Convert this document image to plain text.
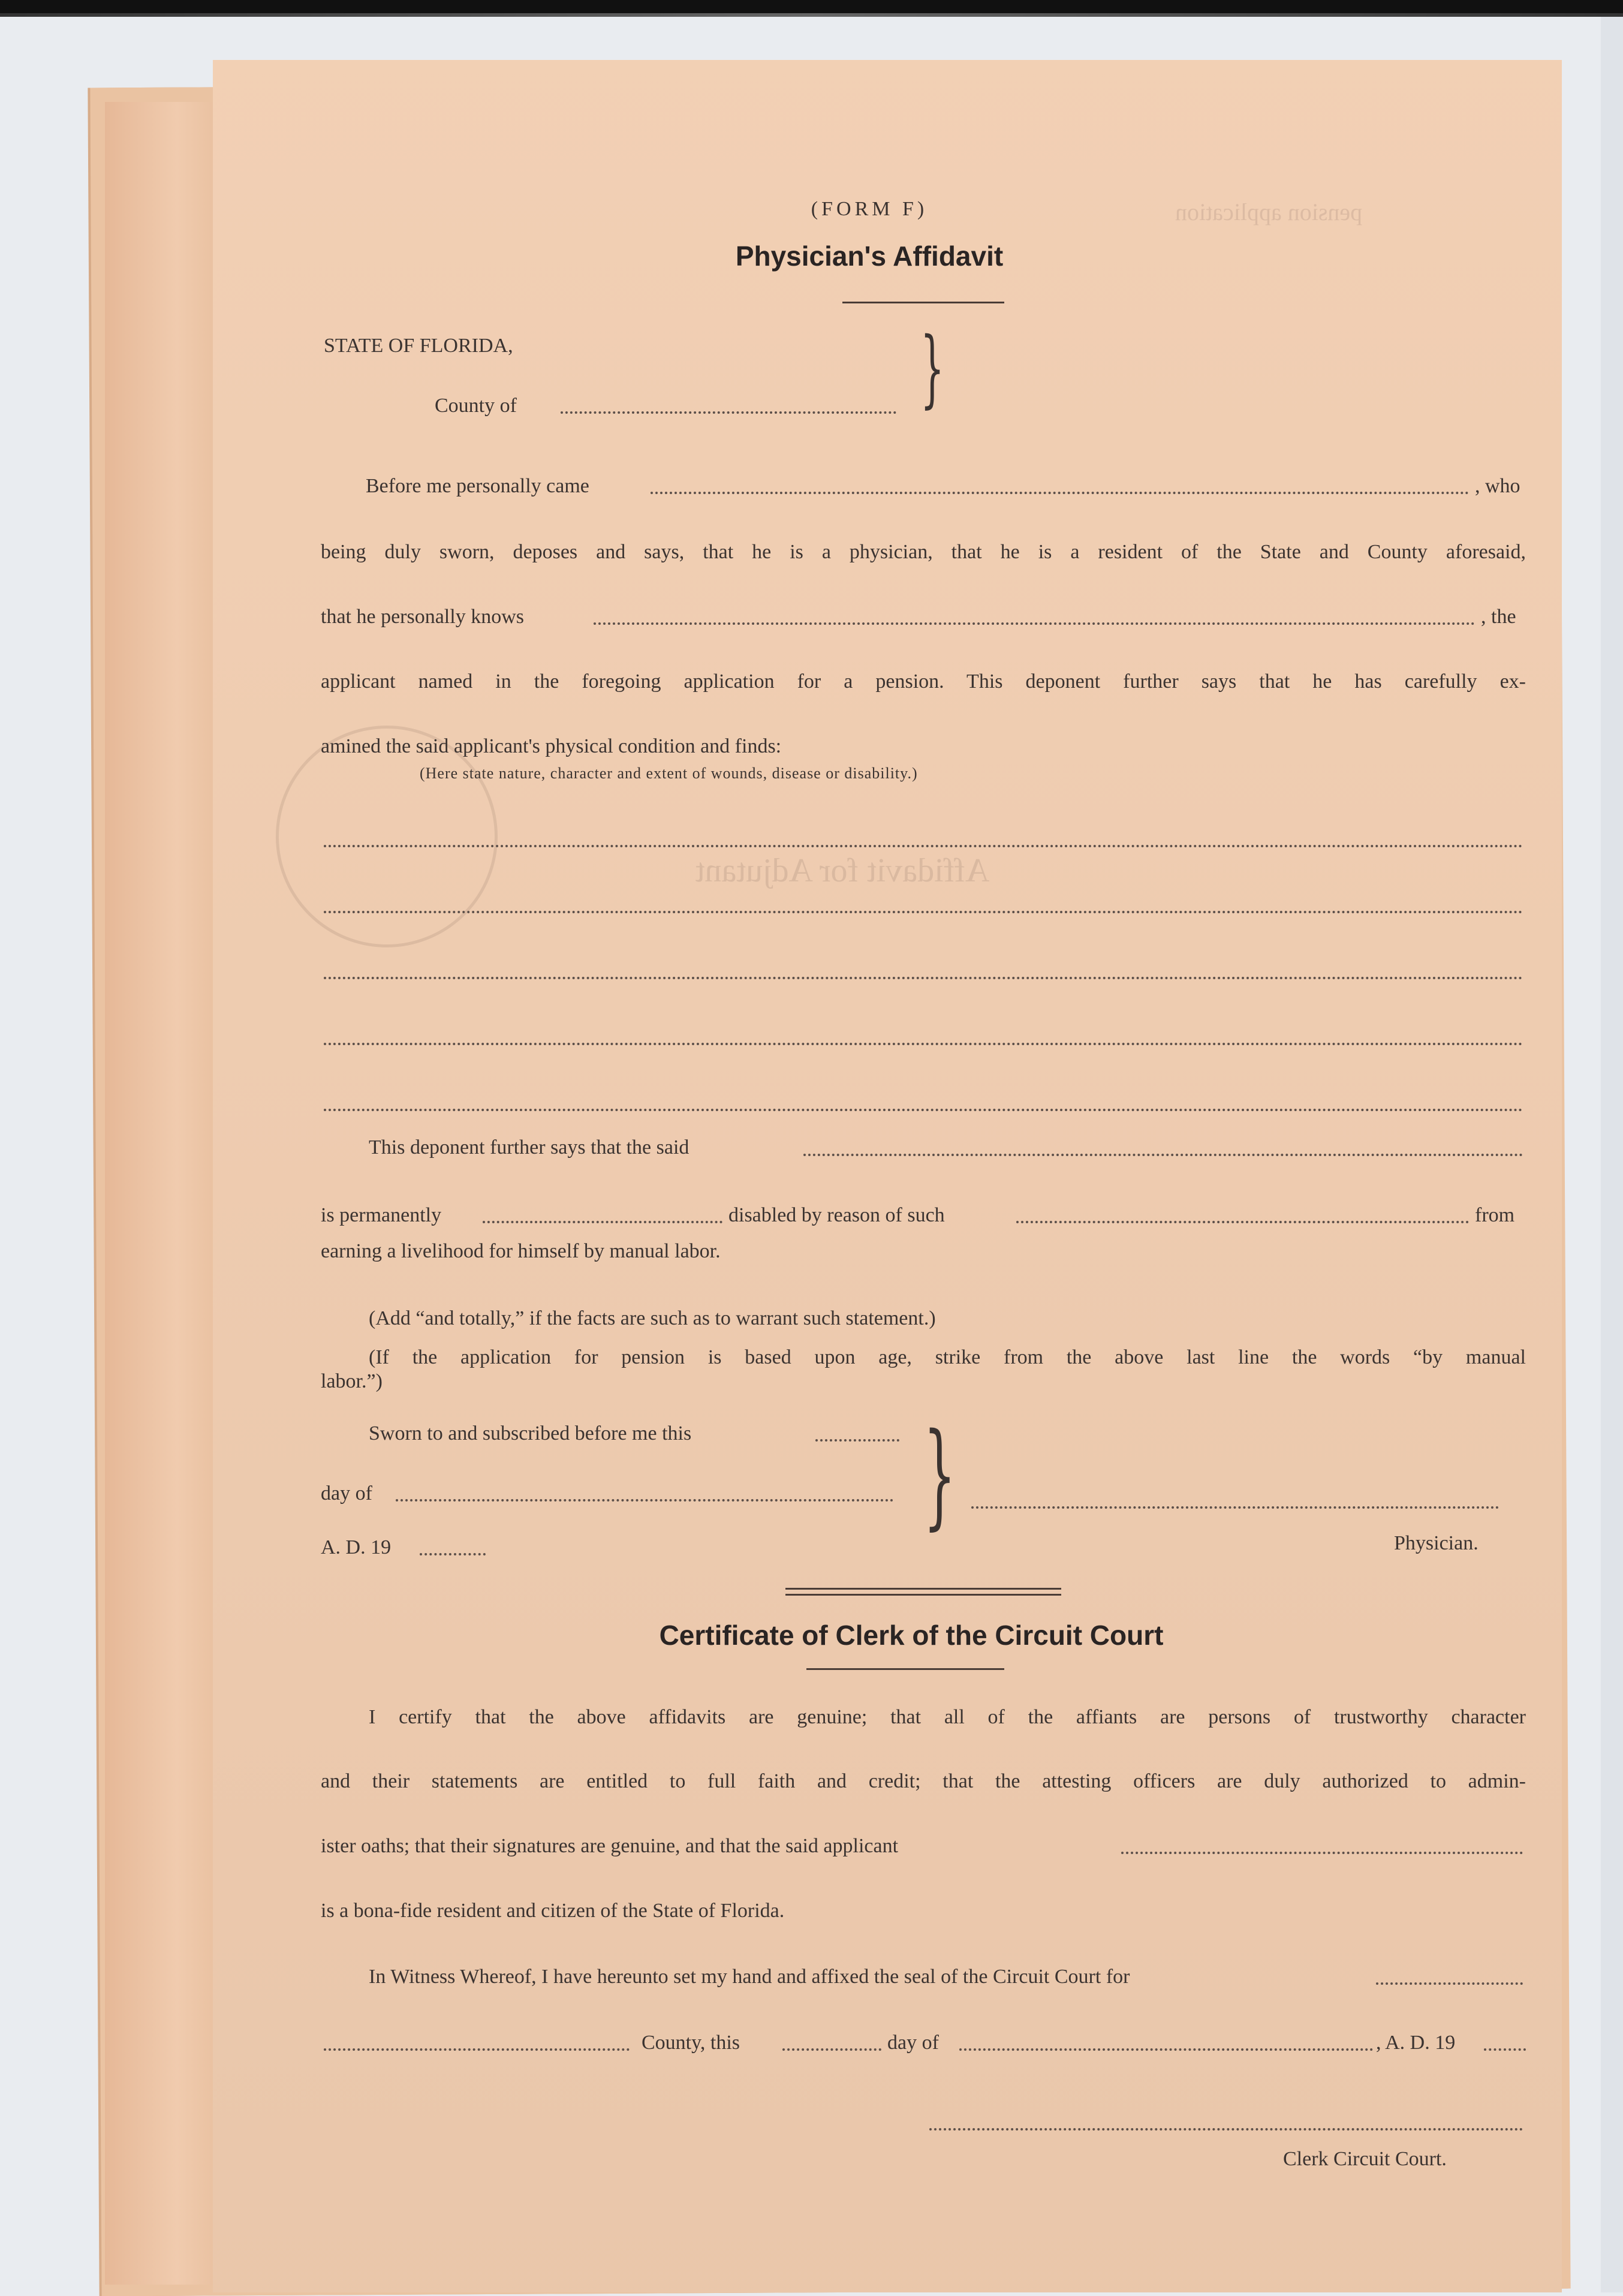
pension application
Affidavit for Adjutant
(FORM F)
Physician's Affidavit
STATE OF FLORIDA,
County of	}
Before me personally came	, who
being duly sworn, deposes and says, that he is a physician, that he is a resident of the State and County aforesaid,
that he personally knows	, the
applicant named in the foregoing application for a pension. This deponent further says that he has carefully ex-
amined the said applicant's physical condition and finds:
(Here state nature, character and extent of wounds, disease or disability.)
This deponent further says that the said
is permanently	disabled by reason of such	from
earning a livelihood for himself by manual labor.
(Add “and totally,” if the facts are such as to warrant such statement.)
(If the application for pension is based upon age, strike from the above last line the words “by manual
labor.”)
Sworn to and subscribed before me this
day of
A. D. 19
}
Physician.
Certificate of Clerk of the Circuit Court
I certify that the above affidavits are genuine; that all of the affiants are persons of trustworthy character
and their statements are entitled to full faith and credit; that the attesting officers are duly authorized to admin-
ister oaths; that their signatures are genuine, and that the said applicant
is a bona-fide resident and citizen of the State of Florida.
In Witness Whereof, I have hereunto set my hand and affixed the seal of the Circuit Court for
County, this	day of	, A. D. 19
Clerk Circuit Court.
